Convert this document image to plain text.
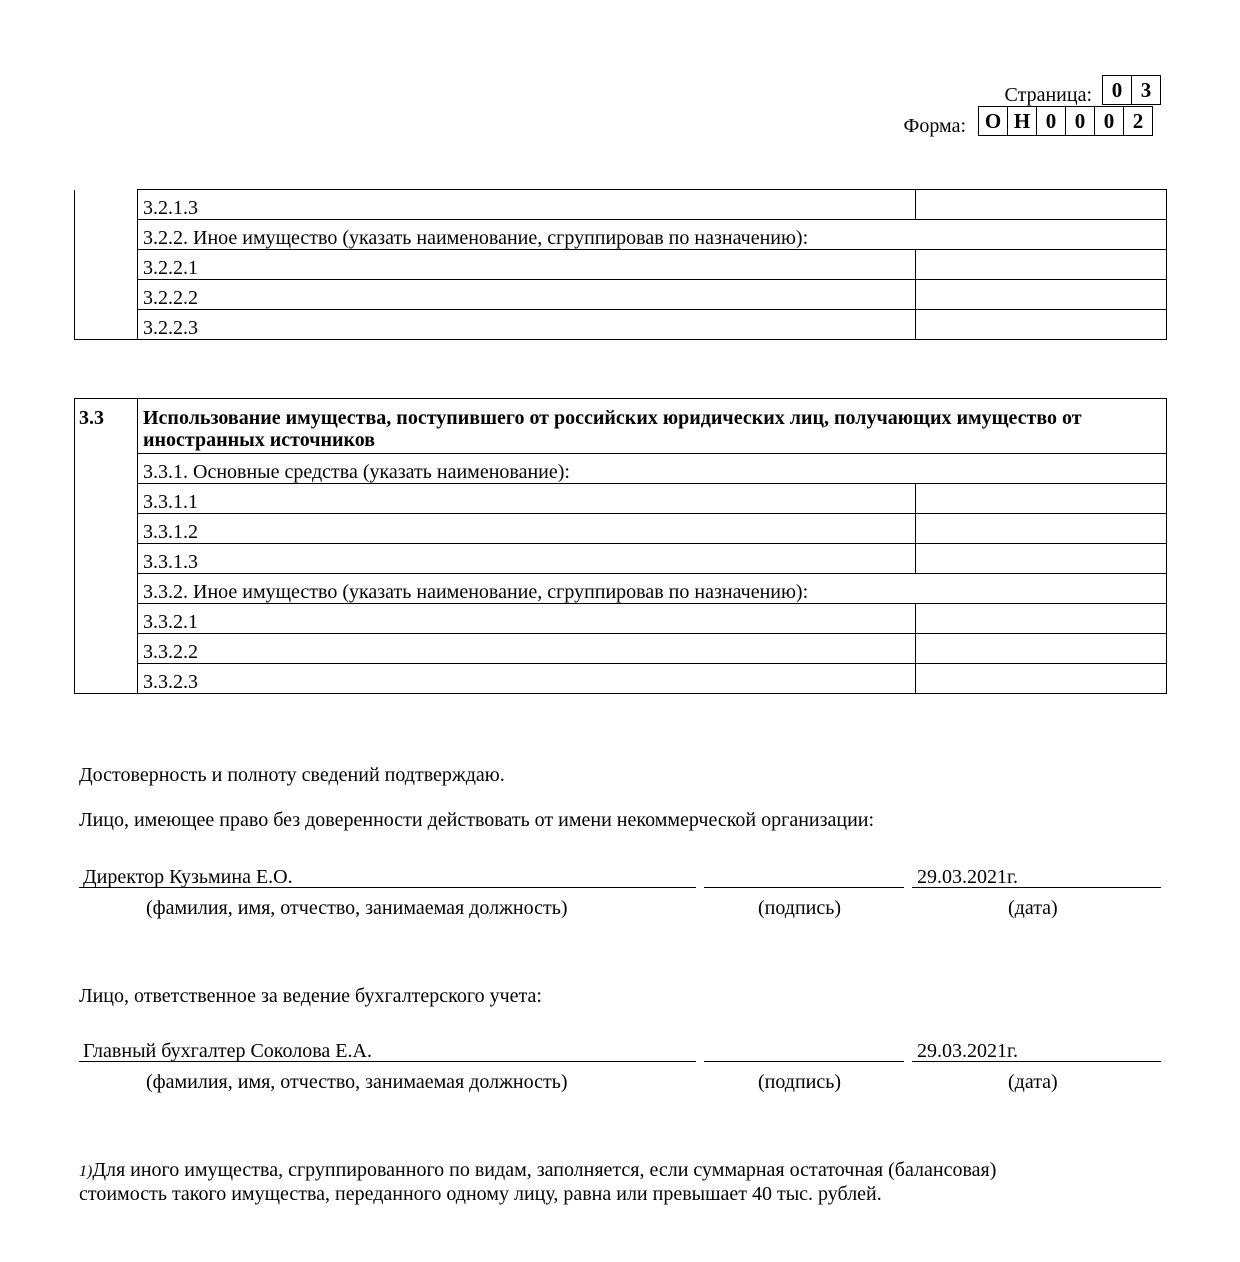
Страница: 0 3
Форма: О Н 0 0 0 2
	3.2.1.3	
	3.2.2. Иное имущество (указать наименование, сгруппировав по назначению):	
	3.2.2.1	
	3.2.2.2	
	3.2.2.3	
3.3	Использование имущества, поступившего от российских юридических лиц, получающих имущество от иностранных источников	
	3.3.1. Основные средства (указать наименование):	
	3.3.1.1	
	3.3.1.2	
	3.3.1.3	
	3.3.2. Иное имущество (указать наименование, сгруппировав по назначению):	
	3.3.2.1	
	3.3.2.2	
	3.3.2.3	
Достоверность и полноту сведений подтверждаю.
Лицо, имеющее право без доверенности действовать от имени некоммерческой организации:
Директор Кузьмина Е.О.	29.03.2021г.
(фамилия, имя, отчество, занимаемая должность)	(подпись)	(дата)
Лицо, ответственное за ведение бухгалтерского учета:
Главный бухгалтер Соколова Е.А.	29.03.2021г.
(фамилия, имя, отчество, занимаемая должность)	(подпись)	(дата)
1)Для иного имущества, сгруппированного по видам, заполняется, если суммарная остаточная (балансовая)
стоимость такого имущества, переданного одному лицу, равна или превышает 40 тыс. рублей.
